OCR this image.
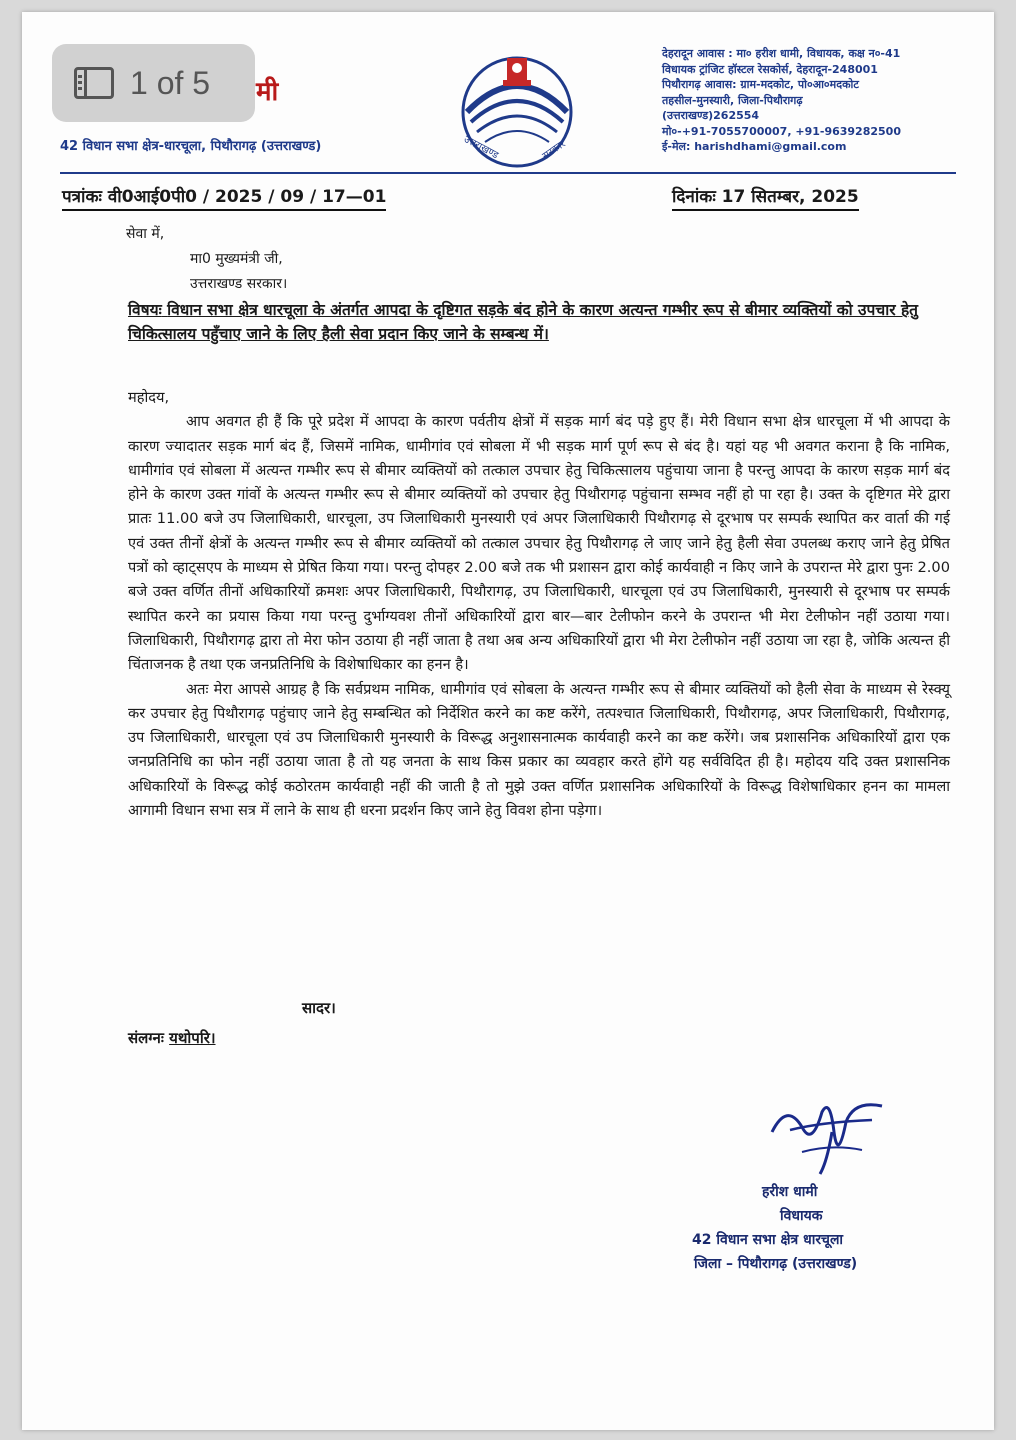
मी
42 विधान सभा क्षेत्र-धारचूला, पिथौरागढ़ (उत्तराखण्ड)	उत्तराखण्ड	सरकार
देहरादून आवास : मा० हरीश धामी, विधायक, कक्ष न०-41
विधायक ट्रांजिट हॉस्टल रेसकोर्स, देहरादून-248001
पिथौरागढ़ आवास: ग्राम-मदकोट, पो०आ०मदकोट
तहसील-मुनस्यारी, जिला-पिथौरागढ़
(उत्तराखण्ड)262554
मो०-+91-7055700007, +91-9639282500
ई-मेल: harishdhami@gmail.com
पत्रांकः वी0आई0पी0 / 2025 / 09 / 17—01	दिनांकः 17 सितम्बर, 2025
सेवा में,
मा0 मुख्यमंत्री जी,
उत्तराखण्ड सरकार।
विषयः विधान सभा क्षेत्र धारचूला के अंतर्गत आपदा के दृष्टिगत सड़के बंद होने के कारण अत्यन्त गम्भीर रूप से बीमार व्यक्तियों को उपचार हेतु चिकित्सालय पहुँचाए जाने के लिए हैली सेवा प्रदान किए जाने के सम्बन्ध में।
महोदय,

आप अवगत ही हैं कि पूरे प्रदेश में आपदा के कारण पर्वतीय क्षेत्रों में सड़क मार्ग बंद पड़े हुए हैं। मेरी विधान सभा क्षेत्र धारचूला में भी आपदा के कारण ज्यादातर सड़क मार्ग बंद हैं, जिसमें नामिक, धामीगांव एवं सोबला में भी सड़क मार्ग पूर्ण रूप से बंद है। यहां यह भी अवगत कराना है कि नामिक, धामीगांव एवं सोबला में अत्यन्त गम्भीर रूप से बीमार व्यक्तियों को तत्काल उपचार हेतु चिकित्सालय पहुंचाया जाना है परन्तु आपदा के कारण सड़क मार्ग बंद होने के कारण उक्त गांवों के अत्यन्त गम्भीर रूप से बीमार व्यक्तियों को उपचार हेतु पिथौरागढ़ पहुंचाना सम्भव नहीं हो पा रहा है। उक्त के दृष्टिगत मेरे द्वारा प्रातः 11.00 बजे उप जिलाधिकारी, धारचूला, उप जिलाधिकारी मुनस्यारी एवं अपर जिलाधिकारी पिथौरागढ़ से दूरभाष पर सम्पर्क स्थापित कर वार्ता की गई एवं उक्त तीनों क्षेत्रों के अत्यन्त गम्भीर रूप से बीमार व्यक्तियों को तत्काल उपचार हेतु पिथौरागढ़ ले जाए जाने हेतु हैली सेवा उपलब्ध कराए जाने हेतु प्रेषित पत्रों को व्हाट्सएप के माध्यम से प्रेषित किया गया। परन्तु दोपहर 2.00 बजे तक भी प्रशासन द्वारा कोई कार्यवाही न किए जाने के उपरान्त मेरे द्वारा पुनः 2.00 बजे उक्त वर्णित तीनों अधिकारियों क्रमशः अपर जिलाधिकारी, पिथौरागढ़, उप जिलाधिकारी, धारचूला एवं उप जिलाधिकारी, मुनस्यारी से दूरभाष पर सम्पर्क स्थापित करने का प्रयास किया गया परन्तु दुर्भाग्यवश तीनों अधिकारियों द्वारा बार—बार टेलीफोन करने के उपरान्त भी मेरा टेलीफोन नहीं उठाया गया। जिलाधिकारी, पिथौरागढ़ द्वारा तो मेरा फोन उठाया ही नहीं जाता है तथा अब अन्य अधिकारियों द्वारा भी मेरा टेलीफोन नहीं उठाया जा रहा है, जोकि अत्यन्त ही चिंताजनक है तथा एक जनप्रतिनिधि के विशेषाधिकार का हनन है।

अतः मेरा आपसे आग्रह है कि सर्वप्रथम नामिक, धामीगांव एवं सोबला के अत्यन्त गम्भीर रूप से बीमार व्यक्तियों को हैली सेवा के माध्यम से रेस्क्यू कर उपचार हेतु पिथौरागढ़ पहुंचाए जाने हेतु सम्बन्धित को निर्देशित करने का कष्ट करेंगे, तत्पश्चात जिलाधिकारी, पिथौरागढ़, अपर जिलाधिकारी, पिथौरागढ़, उप जिलाधिकारी, धारचूला एवं उप जिलाधिकारी मुनस्यारी के विरूद्ध अनुशासनात्मक कार्यवाही करने का कष्ट करेंगे। जब प्रशासनिक अधिकारियों द्वारा एक जनप्रतिनिधि का फोन नहीं उठाया जाता है तो यह जनता के साथ किस प्रकार का व्यवहार करते होंगे यह सर्वविदित ही है। महोदय यदि उक्त प्रशासनिक अधिकारियों के विरूद्ध कोई कठोरतम कार्यवाही नहीं की जाती है तो मुझे उक्त वर्णित प्रशासनिक अधिकारियों के विरूद्ध विशेषाधिकार हनन का मामला आगामी विधान सभा सत्र में लाने के साथ ही धरना प्रदर्शन किए जाने हेतु विवश होना पड़ेगा।

सादर।
संलग्नः यथोपरि।
हरीश धामी
विधायक
42 विधान सभा क्षेत्र धारचूला
जिला – पिथौरागढ़ (उत्तराखण्ड)
1 of 5
